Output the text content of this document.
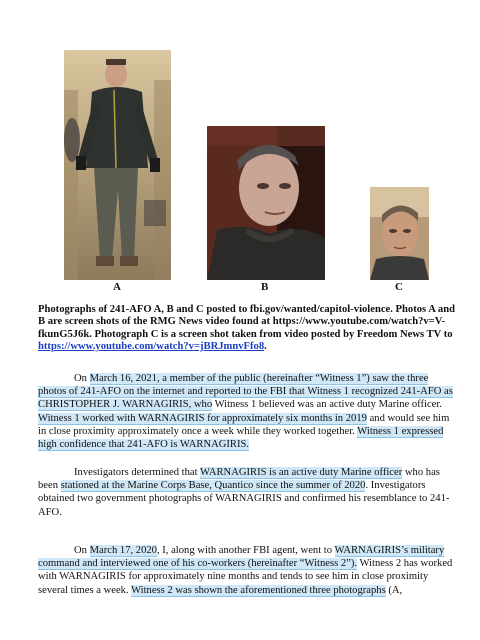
A	B	C

Photographs of 241-AFO A, B and C posted to fbi.gov/wanted/capitol-violence. Photos A and B are screen shots of the RMG News video found at https://www.youtube.com/watch?v=V-fkunG5J6k. Photograph C is a screen shot taken from video posted by Freedom News TV to https://www.youtube.com/watch?v=jBRJmnvFfo8.

On March 16, 2021, a member of the public (hereinafter “Witness 1”) saw the three photos of 241-AFO on the internet and reported to the FBI that Witness 1 recognized 241-AFO as CHRISTOPHER J. WARNAGIRIS, who Witness 1 believed was an active duty Marine officer. Witness 1 worked with WARNAGIRIS for approximately six months in 2019 and would see him in close proximity approximately once a week while they worked together. Witness 1 expressed high confidence that 241-AFO is WARNAGIRIS.

Investigators determined that WARNAGIRIS is an active duty Marine officer who has been stationed at the Marine Corps Base, Quantico since the summer of 2020. Investigators obtained two government photographs of WARNAGIRIS and confirmed his resemblance to 241-AFO.

On March 17, 2020, I, along with another FBI agent, went to WARNAGIRIS’s military command and interviewed one of his co-workers (hereinafter “Witness 2”). Witness 2 has worked with WARNAGIRIS for approximately nine months and tends to see him in close proximity several times a week. Witness 2 was shown the aforementioned three photographs (A,
